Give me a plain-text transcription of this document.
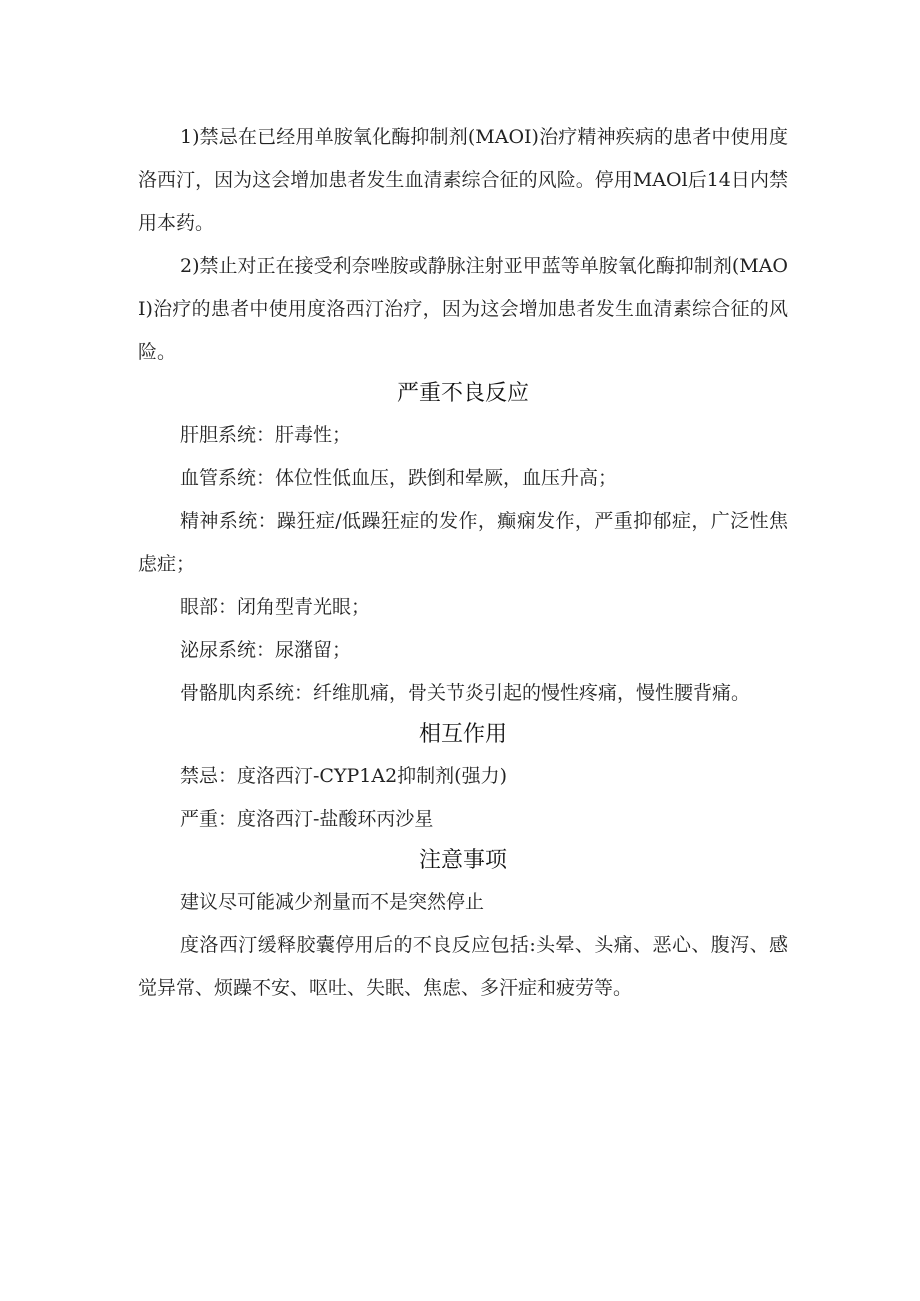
1)禁忌在已经用单胺氧化酶抑制剂(MAOI)治疗精神疾病的患者中使用度洛西汀，因为这会增加患者发生血清素综合征的风险。停用MAOl后14日内禁用本药。

2)禁止对正在接受利奈唑胺或静脉注射亚甲蓝等单胺氧化酶抑制剂(MAOI)治疗的患者中使用度洛西汀治疗，因为这会增加患者发生血清素综合征的风险。

严重不良反应

肝胆系统：肝毒性；

血管系统：体位性低血压，跌倒和晕厥，血压升高；

精神系统：躁狂症/低躁狂症的发作，癫痫发作，严重抑郁症，广泛性焦虑症；

眼部：闭角型青光眼；

泌尿系统：尿潴留；

骨骼肌肉系统：纤维肌痛，骨关节炎引起的慢性疼痛，慢性腰背痛。

相互作用

禁忌：度洛西汀-CYP1A2抑制剂(强力)

严重：度洛西汀-盐酸环丙沙星

注意事项

建议尽可能减少剂量而不是突然停止

度洛西汀缓释胶囊停用后的不良反应包括:头晕、头痛、恶心、腹泻、感觉异常、烦躁不安、呕吐、失眠、焦虑、多汗症和疲劳等。
